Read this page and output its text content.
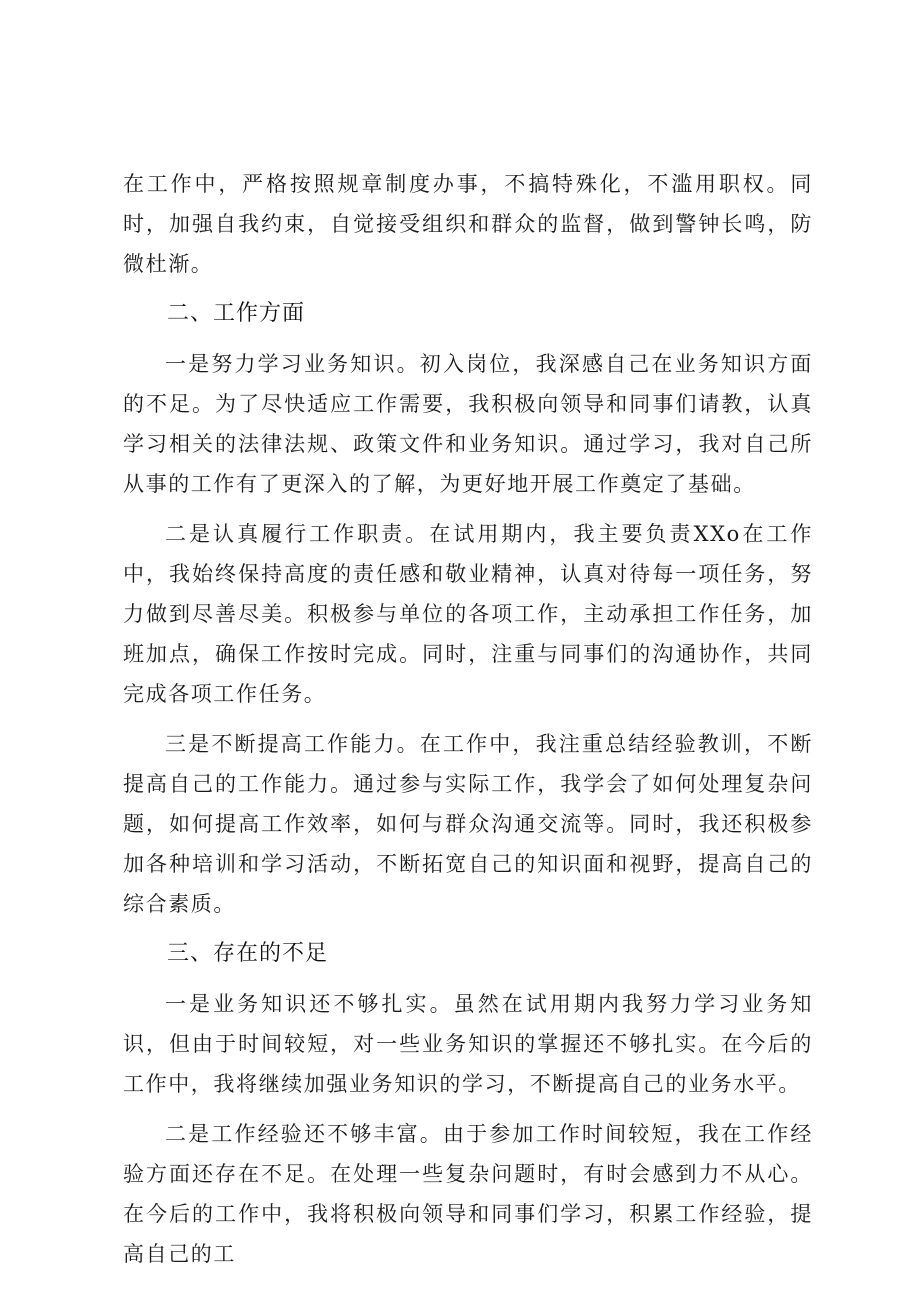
在工作中，严格按照规章制度办事，不搞特殊化，不滥用职权。同时，加强自我约束，自觉接受组织和群众的监督，做到警钟长鸣，防微杜渐。

二、工作方面

一是努力学习业务知识。初入岗位，我深感自己在业务知识方面的不足。为了尽快适应工作需要，我积极向领导和同事们请教，认真学习相关的法律法规、政策文件和业务知识。通过学习，我对自己所从事的工作有了更深入的了解，为更好地开展工作奠定了基础。

二是认真履行工作职责。在试用期内，我主要负责XXo在工作中，我始终保持高度的责任感和敬业精神，认真对待每一项任务，努力做到尽善尽美。积极参与单位的各项工作，主动承担工作任务，加班加点，确保工作按时完成。同时，注重与同事们的沟通协作，共同完成各项工作任务。

三是不断提高工作能力。在工作中，我注重总结经验教训，不断提高自己的工作能力。通过参与实际工作，我学会了如何处理复杂问题，如何提高工作效率，如何与群众沟通交流等。同时，我还积极参加各种培训和学习活动，不断拓宽自己的知识面和视野，提高自己的综合素质。

三、存在的不足

一是业务知识还不够扎实。虽然在试用期内我努力学习业务知识，但由于时间较短，对一些业务知识的掌握还不够扎实。在今后的工作中，我将继续加强业务知识的学习，不断提高自己的业务水平。

二是工作经验还不够丰富。由于参加工作时间较短，我在工作经验方面还存在不足。在处理一些复杂问题时，有时会感到力不从心。在今后的工作中，我将积极向领导和同事们学习，积累工作经验，提高自己的工
